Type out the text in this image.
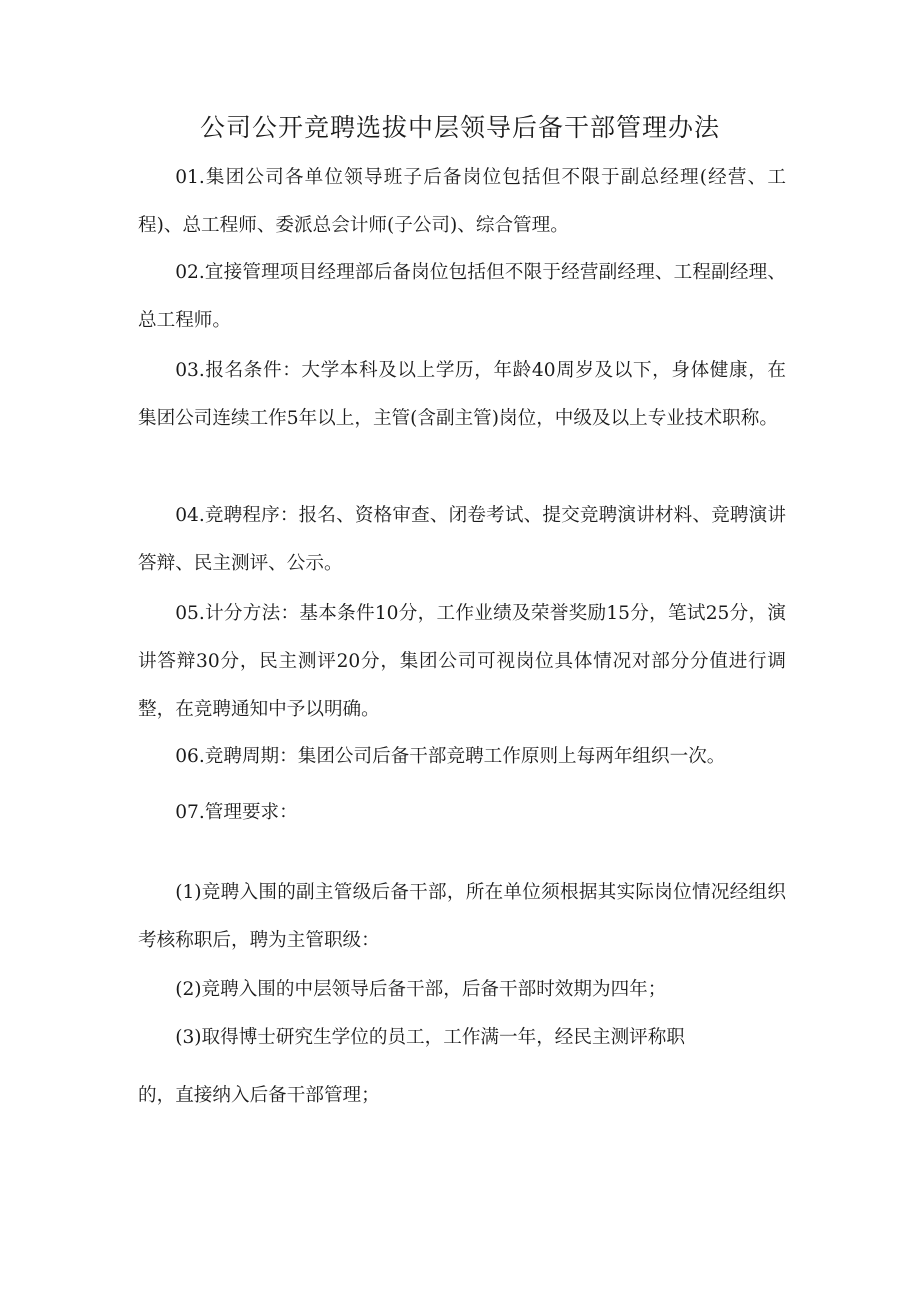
公司公开竞聘选拔中层领导后备干部管理办法

01.集团公司各单位领导班子后备岗位包括但不限于副总经理(经营、工程)、总工程师、委派总会计师(子公司)、综合管理。

02.宜接管理项目经理部后备岗位包括但不限于经营副经理、工程副经理、总工程师。

03.报名条件：大学本科及以上学历，年龄40周岁及以下，身体健康，在集团公司连续工作5年以上，主管(含副主管)岗位，中级及以上专业技术职称。

04.竞聘程序：报名、资格审查、闭卷考试、提交竞聘演讲材料、竞聘演讲答辩、民主测评、公示。

05.计分方法：基本条件10分，工作业绩及荣誉奖励15分，笔试25分，演讲答辩30分，民主测评20分，集团公司可视岗位具体情况对部分分值进行调整，在竞聘通知中予以明确。

06.竞聘周期：集团公司后备干部竞聘工作原则上每两年组织一次。

07.管理要求：

(1)竞聘入围的副主管级后备干部，所在单位须根据其实际岗位情况经组织考核称职后，聘为主管职级：

(2)竞聘入围的中层领导后备干部，后备干部时效期为四年；

(3)取得博士研究生学位的员工，工作满一年，经民主测评称职

的，直接纳入后备干部管理；
